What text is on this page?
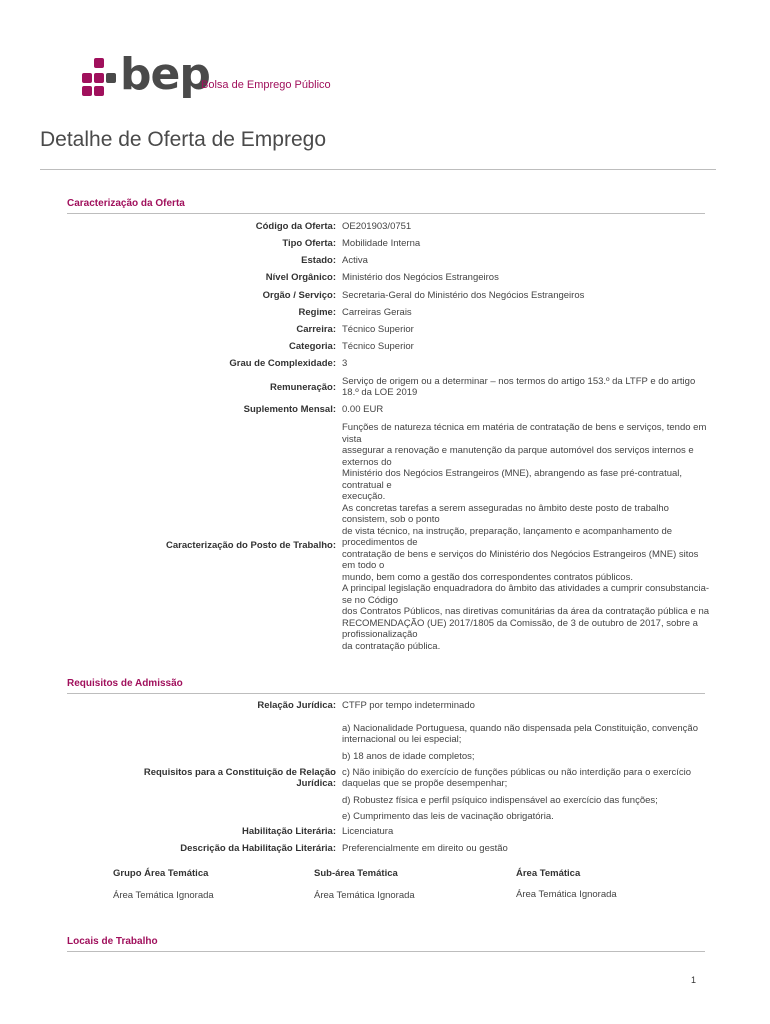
bep
Bolsa de Emprego Público
Detalhe de Oferta de Emprego
Caracterização da Oferta
Código da Oferta: OE201903/0751
Tipo Oferta: Mobilidade Interna
Estado: Activa
Nível Orgânico: Ministério dos Negócios Estrangeiros
Orgão / Serviço: Secretaria-Geral do Ministério dos Negócios Estrangeiros
Regime: Carreiras Gerais
Carreira: Técnico Superior
Categoria: Técnico Superior
Grau de Complexidade: 3
Remuneração:
Serviço de origem ou a determinar – nos termos do artigo 153.º da LTFP e do artigo 18.º da LOE 2019
Suplemento Mensal: 0.00 EUR
Caracterização do Posto de Trabalho:
Funções de natureza técnica em matéria de contratação de bens e serviços, tendo em vista
assegurar a renovação e manutenção da parque automóvel dos serviços internos e externos do
Ministério dos Negócios Estrangeiros (MNE), abrangendo as fase pré-contratual, contratual e
execução.
As concretas tarefas a serem asseguradas no âmbito deste posto de trabalho consistem, sob o ponto
de vista técnico, na instrução, preparação, lançamento e acompanhamento de procedimentos de
contratação de bens e serviços do Ministério dos Negócios Estrangeiros (MNE) sitos em todo o
mundo, bem como a gestão dos correspondentes contratos públicos.
A principal legislação enquadradora do âmbito das atividades a cumprir consubstancia-se no Código
dos Contratos Públicos, nas diretivas comunitárias da área da contratação pública e na
RECOMENDAÇÃO (UE) 2017/1805 da Comissão, de 3 de outubro de 2017, sobre a profissionalização
da contratação pública.
Requisitos de Admissão
Relação Jurídica: CTFP por tempo indeterminado
Requisitos para a Constituição de Relação Jurídica:
a) Nacionalidade Portuguesa, quando não dispensada pela Constituição, convenção internacional ou lei especial;
b) 18 anos de idade completos;
c) Não inibição do exercício de funções públicas ou não interdição para o exercício daquelas que se propõe desempenhar;
d) Robustez física e perfil psíquico indispensável ao exercício das funções;
e) Cumprimento das leis de vacinação obrigatória.
Habilitação Literária: Licenciatura
Descrição da Habilitação Literária: Preferencialmente em direito ou gestão
Grupo Área Temática	Sub-área Temática	Área Temática
Área Temática Ignorada	Área Temática Ignorada	Área Temática Ignorada
Locais de Trabalho
1
